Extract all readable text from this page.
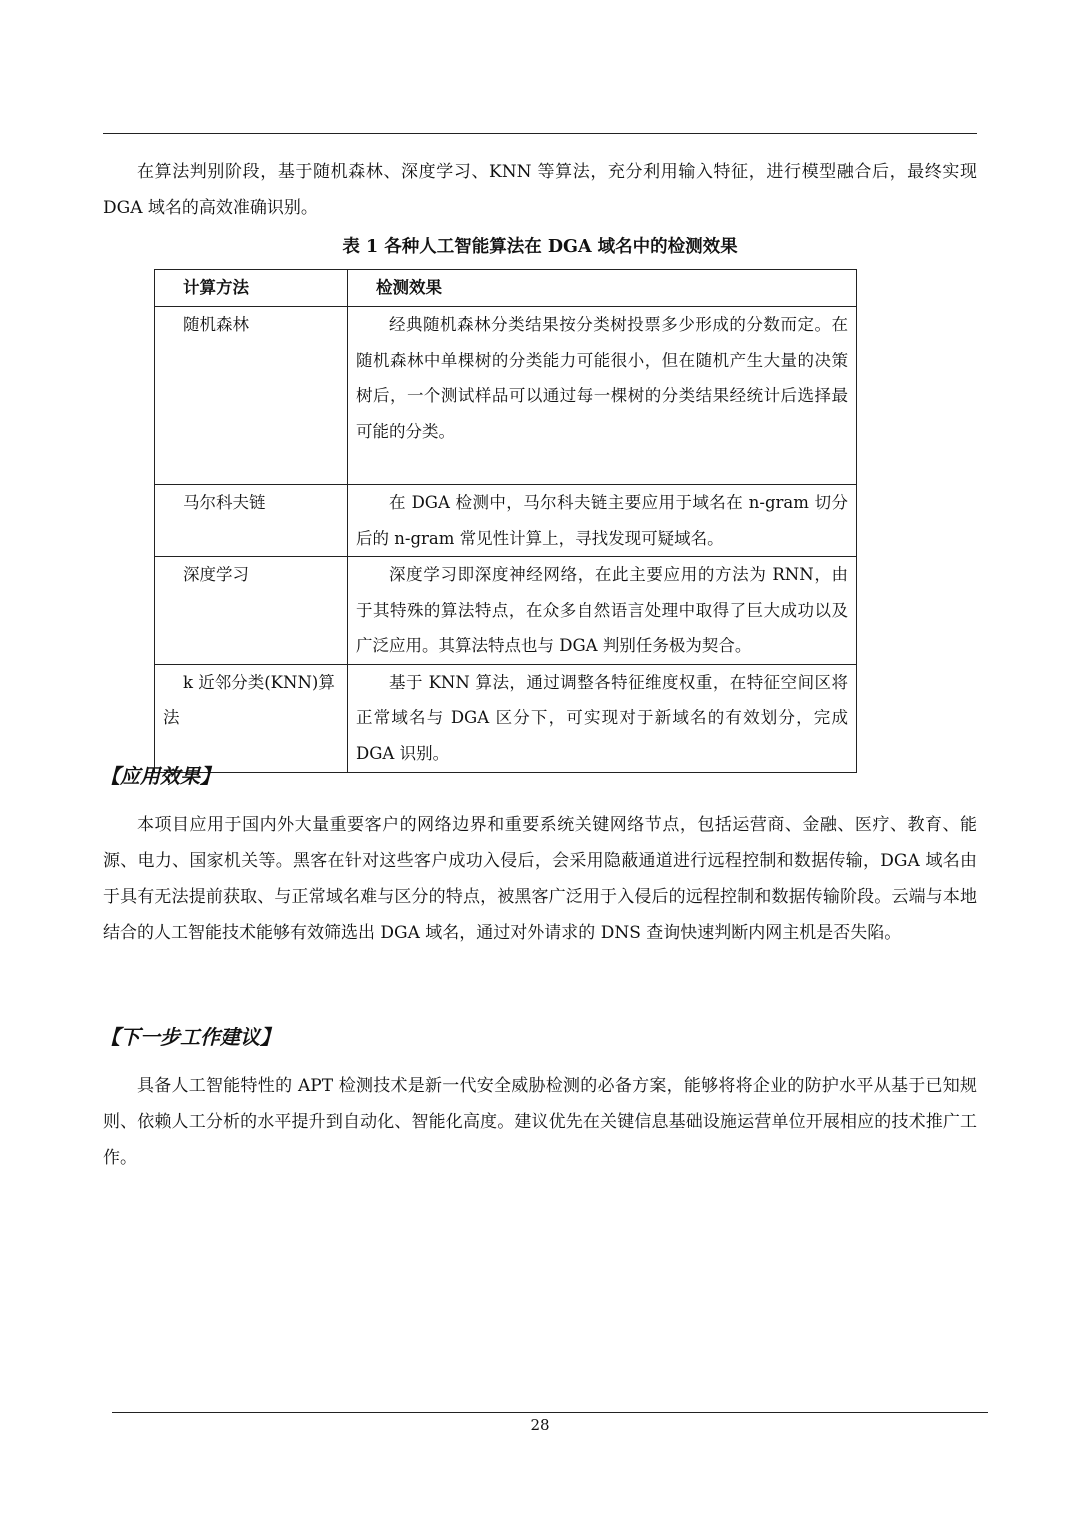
在算法判别阶段，基于随机森林、深度学习、KNN 等算法，充分利用输入特征，进行模型融合后，最终实现 DGA 域名的高效准确识别。

表 1 各种人工智能算法在 DGA 域名中的检测效果
计算方法	检测效果
随机森林	经典随机森林分类结果按分类树投票多少形成的分数而定。在随机森林中单棵树的分类能力可能很小，但在随机产生大量的决策树后，一个测试样品可以通过每一棵树的分类结果经统计后选择最可能的分类。
马尔科夫链	在 DGA 检测中，马尔科夫链主要应用于域名在 n-gram 切分后的 n-gram 常见性计算上，寻找发现可疑域名。
深度学习	深度学习即深度神经网络，在此主要应用的方法为 RNN，由于其特殊的算法特点，在众多自然语言处理中取得了巨大成功以及广泛应用。其算法特点也与 DGA 判别任务极为契合。
k 近邻分类(KNN)算法	基于 KNN 算法，通过调整各特征维度权重，在特征空间区将正常域名与 DGA 区分下，可实现对于新域名的有效划分，完成 DGA 识别。
【应用效果】

本项目应用于国内外大量重要客户的网络边界和重要系统关键网络节点，包括运营商、金融、医疗、教育、能源、电力、国家机关等。黑客在针对这些客户成功入侵后，会采用隐蔽通道进行远程控制和数据传输，DGA 域名由于具有无法提前获取、与正常域名难与区分的特点，被黑客广泛用于入侵后的远程控制和数据传输阶段。云端与本地结合的人工智能技术能够有效筛选出 DGA 域名，通过对外请求的 DNS 查询快速判断内网主机是否失陷。

【下一步工作建议】

具备人工智能特性的 APT 检测技术是新一代安全威胁检测的必备方案，能够将将企业的防护水平从基于已知规则、依赖人工分析的水平提升到自动化、智能化高度。建议优先在关键信息基础设施运营单位开展相应的技术推广工作。

28
